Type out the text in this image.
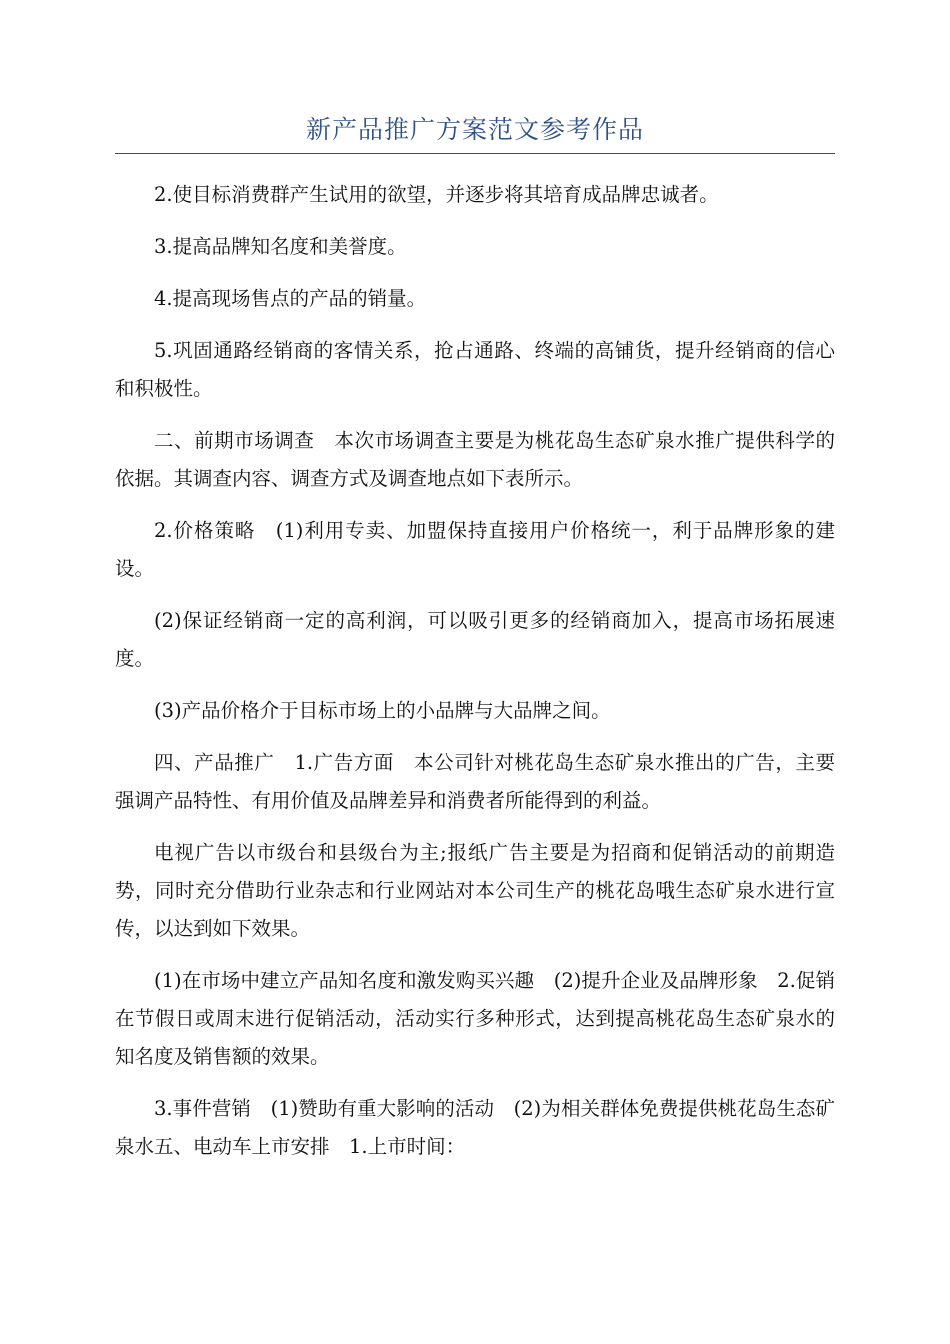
新产品推广方案范文参考作品

2.使目标消费群产生试用的欲望，并逐步将其培育成品牌忠诚者。

3.提高品牌知名度和美誉度。

4.提高现场售点的产品的销量。

5.巩固通路经销商的客情关系，抢占通路、终端的高铺货，提升经销商的信心和积极性。

二、前期市场调查　本次市场调查主要是为桃花岛生态矿泉水推广提供科学的依据。其调查内容、调查方式及调查地点如下表所示。

2.价格策略　(1)利用专卖、加盟保持直接用户价格统一，利于品牌形象的建设。

(2)保证经销商一定的高利润，可以吸引更多的经销商加入，提高市场拓展速度。

(3)产品价格介于目标市场上的小品牌与大品牌之间。

四、产品推广　1.广告方面　本公司针对桃花岛生态矿泉水推出的广告，主要强调产品特性、有用价值及品牌差异和消费者所能得到的利益。

电视广告以市级台和县级台为主;报纸广告主要是为招商和促销活动的前期造势，同时充分借助行业杂志和行业网站对本公司生产的桃花岛哦生态矿泉水进行宣传，以达到如下效果。

(1)在市场中建立产品知名度和激发购买兴趣　(2)提升企业及品牌形象　2.促销　在节假日或周末进行促销活动，活动实行多种形式，达到提高桃花岛生态矿泉水的知名度及销售额的效果。

3.事件营销　(1)赞助有重大影响的活动　(2)为相关群体免费提供桃花岛生态矿泉水五、电动车上市安排　1.上市时间：
